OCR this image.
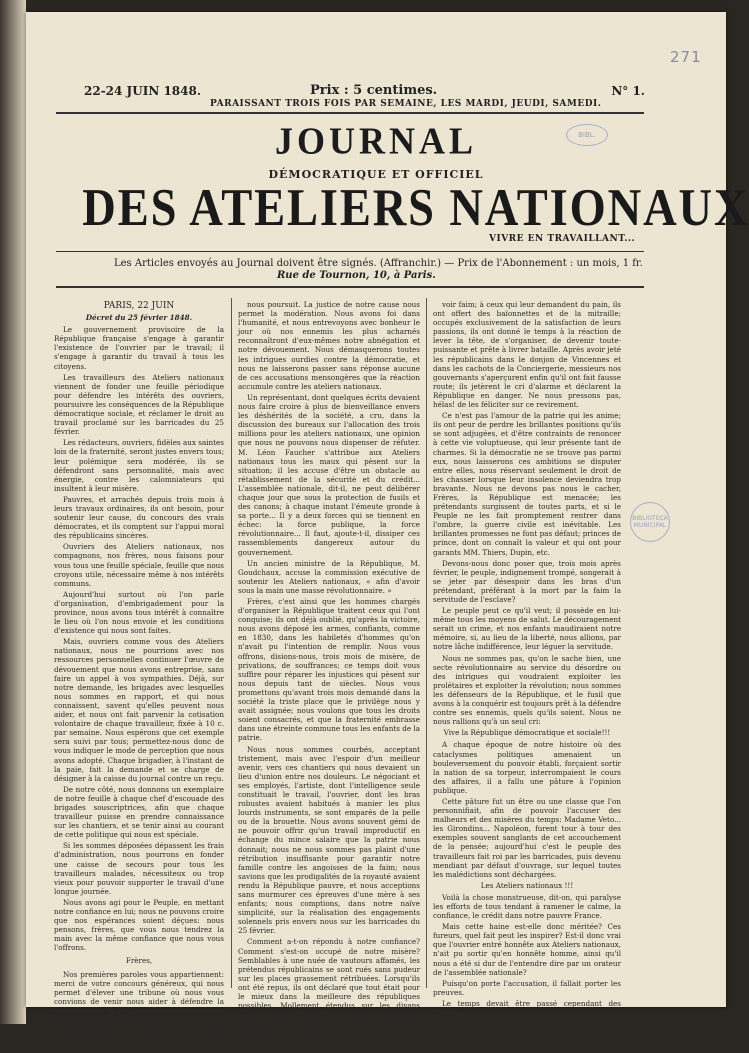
271
22-24 JUIN 1848.	Prix : 5 centimes.	N° 1.
PARAISSANT TROIS FOIS PAR SEMAINE, LES MARDI, JEUDI, SAMEDI.
JOURNAL
DÉMOCRATIQUE ET OFFICIEL
DES ATELIERS NATIONAUX
VIVRE EN TRAVAILLANT...
Les Articles envoyés au Journal doivent être signés. (Affranchir.) — Prix de l'Abonnement : un mois, 1 fr.
Rue de Tournon, 10, à Paris.
BIBL.
BIBLIOTECA MUNICIPAL

PARIS, 22 JUIN

Décret du 25 février 1848.

Le gouvernement provisoire de la République française s'engage à garantir l'existence de l'ouvrier par le travail; il s'engage à garantir du travail à tous les citoyens.

Les travailleurs des Ateliers nationaux viennent de fonder une feuille périodique pour défendre les intérêts des ouvriers, poursuivre les conséquences de la République démocratique sociale, et réclamer le droit au travail proclamé sur les barricades du 25 février.

Les rédacteurs, ouvriers, fidèles aux saintes lois de la fraternité, seront justes envers tous; leur polémique sera modérée, ils se défendront sans personnalité, mais avec énergie, contre les calomniateurs qui insultent à leur misère.

Pauvres, et arrachés depuis trois mois à leurs travaux ordinaires, ils ont besoin, pour soutenir leur cause, du concours des vrais démocrates, et ils comptent sur l'appui moral des républicains sincères.

Ouvriers des Ateliers nationaux, nos compagnons, nos frères, nous faisons pour vous tous une feuille spéciale, feuille que nous croyons utile, nécessaire même à nos intérêts communs.

Aujourd'hui surtout où l'on parle d'organisation, d'embrigadement pour la province, nous avons tous intérêt à connaître le lieu où l'on nous envoie et les conditions d'existence qui nous sont faites.

Mais, ouvriers comme vous des Ateliers nationaux, nous ne pourrions avec nos ressources personnelles continuer l'œuvre de dévouement que nous avons entreprise, sans faire un appel à vos sympathies. Déjà, sur notre demande, les brigades avec lesquelles nous sommes en rapport, et qui nous connaissent, savent qu'elles peuvent nous aider, et nous ont fait parvenir la cotisation volontaire de chaque travailleur, fixée à 10 c. par semaine. Nous espérons que cet exemple sera suivi par tous; permettez-nous donc de vous indiquer le mode de perception que nous avons adopté. Chaque brigadier, à l'instant de la paie, fait la demande et se charge de désigner à la caisse du journal contre un reçu.

De notre côté, nous donnons un exemplaire de notre feuille à chaque chef d'escouade des brigades souscriptrices, afin que chaque travailleur puisse en prendre connaissance sur les chantiers, et se tenir ainsi au courant de cette politique qui nous est spéciale.

Si les sommes déposées dépassent les frais d'administration, nous pourrons en fonder une caisse de secours pour tous les travailleurs malades, nécessiteux ou trop vieux pour pouvoir supporter le travail d'une longue journée.

Nous avons agi pour le Peuple, en mettant notre confiance en lui; nous ne pouvons croire que nos espérances soient déçues: nous pensons, frères, que vous nous tendrez la main avec la même confiance que nous vous l'offrons.

Frères,

Nos premières paroles vous appartiennent: merci de votre concours généreux, qui nous permet d'élever une tribune où nous vous convions de venir nous aider à défendre la cause sacrée de la République démocratique et les droits des travailleurs.

Nous répondrons par des mots d'amour et de fraternité aux calomnies et aux injures dont on

nous poursuit. La justice de notre cause nous permet la modération. Nous avons foi dans l'humanité, et nous entrevoyons avec bonheur le jour où nos ennemis les plus acharnés reconnaîtront d'eux-mêmes notre abnégation et notre dévouement. Nous démasquerons toutes les intrigues ourdies contre la démocratie, et nous ne laisserons passer sans réponse aucune de ces accusations mensongères que la réaction accumule contre les ateliers nationaux.

Un représentant, dont quelques écrits devaient nous faire croire à plus de bienveillance envers les déshérités de la société, a cru, dans la discussion des bureaux sur l'allocation des trois millions pour les ateliers nationaux, une opinion que nous ne pouvons nous dispenser de réfuter. M. Léon Faucher s'attribue aux Ateliers nationaux tous les maux qui pèsent sur la situation; il les accuse d'être un obstacle au rétablissement de la sécurité et du crédit... L'assemblée nationale, dit-il, ne peut délibérer chaque jour que sous la protection de fusils et des canons; à chaque instant l'émeute gronde à sa porte... Il y a deux forces qui se tiennent en échec: la force publique, la force révolutionnaire... Il faut, ajoute-t-il, dissiper ces rassemblements dangereux autour du gouvernement.

Un ancien ministre de la République, M. Goudchaux, accuse la commission exécutive de soutenir les Ateliers nationaux, « afin d'avoir sous la main une masse révolutionnaire. »

Frères, c'est ainsi que les hommes chargés d'organiser la République traitent ceux qui l'ont conquise; ils ont déjà oublié, qu'après la victoire, nous avons déposé les armes, confiants, comme en 1830, dans les habiletés d'hommes qu'on n'avait pu l'intention de remplir. Nous vous offrons, disions-nous, trois mois de misère, de privations, de souffrances; ce temps doit vous suffire pour réparer les injustices qui pèsent sur nous depuis tant de siècles. Nous vous promettons qu'avant trois mois demandé dans la société la triste place que le privilège nous y avait assignée; nous voulons que tous les droits soient consacrés, et que la fraternité embrasse dans une étreinte commune tous les enfants de la patrie.

Nous nous sommes courbés, acceptant tristement, mais avec l'espoir d'un meilleur avenir, vers ces chantiers qui nous devaient un lieu d'union entre nos douleurs. Le négociant et ses employés, l'artiste, dont l'intelligence seule constituait le travail, l'ouvrier, dont les bras robustes avaient habitués à manier les plus lourds instruments, se sont emparés de la pelle ou de la brouette. Nous avons souvent gémi de ne pouvoir offrir qu'un travail improductif en échange du mince salaire que la patrie nous donnait; nous ne nous sommes pas plaint d'une rétribution insuffisante pour garantir notre famille contre les angoisses de la faim; nous savions que les prodigalités de la royauté avaient rendu la République pauvre, et nous acceptions sans murmurer ces épreuves d'une mère à ses enfants; nous comptions, dans notre naïve simplicité, sur la réalisation des engagements solennels pris envers nous sur les barricades du 25 février.

Comment a-t-on répondu à notre confiance? Comment s'est-on occupé de notre misère? Semblables à une nuée de vautours affamés, les prétendus républicains se sont rués sans pudeur sur les places grassement rétribuées. Lorsqu'ils ont été repus, ils ont déclaré que tout était pour le mieux dans la meilleure des républiques possibles. Mollement étendus sur les divans royaux, traînés dans les douces voitures de l'ancienne cour, ils se sont indignés que des misérables se plaignissent d'a-

voir faim; à ceux qui leur demandent du pain, ils ont offert des baïonnettes et de la mitraille; occupés exclusivement de la satisfaction de leurs passions, ils ont donné le temps à la réaction de lever la tête, de s'organiser, de devenir toute-puissante et prête à livrer bataille. Après avoir jeté les républicains dans le donjon de Vincennes et dans les cachots de la Conciergerie, messieurs nos gouvernants s'aperçurent enfin qu'il ont fait fausse route; ils jetèrent le cri d'alarme et déclarent la République en danger. Ne nous pressons pas, hélas! de les féliciter sur ce revirement.

Ce n'est pas l'amour de la patrie qui les anime; ils ont peur de perdre les brillantes positions qu'ils se sont adjugées, et d'être contraints de renoncer à cette vie voluptueuse, qui leur présente tant de charmes. Si la démocratie ne se trouve pas parmi eux, nous laisserons ces ambitions se disputer entre elles, nous réservant seulement le droit de les chasser lorsque leur insolence deviendra trop bravante. Nous ne devons pas nous le cacher, Frères, la République est menacée; les prétendants surgissent de toutes parts, et si le Peuple ne les fait promptement rentrer dans l'ombre, la guerre civile est inévitable. Les brillantes promesses ne font pas défaut; princes de prince, dont on connaît la valeur et qui ont pour garants MM. Thiers, Dupin, etc.

Devons-nous donc poser que, trois mois après février, le peuple, indignement trompé, songerait à se jeter par désespoir dans les bras d'un prétendant, préférant à la mort par la faim la servitude de l'esclave?

Le peuple peut ce qu'il veut; il possède en lui-même tous les moyens de salut. Le découragement serait un crime, et nos enfants maudiraient notre mémoire, si, au lieu de la liberté, nous allions, par notre lâche indifférence, leur léguer la servitude.

Nous ne sommes pas, qu'on le sache bien, une secte révolutionnaire au service du désordre ou des intrigues qui voudraient exploiter les prolétaires et exploiter la révolution; nous sommes les défenseurs de la République, et le fusil que avons à la conquérir est toujours prêt à la défendre contre ses ennemis, quels qu'ils soient. Nous ne nous rallions qu'à un seul cri:

Vive la République démocratique et sociale!!!

A chaque époque de notre histoire où des cataclysmes politiques amenaient un bouleversement du pouvoir établi, forçaient sortir la nation de sa torpeur, interrompaient le cours des affaires, il a fallu une pâture à l'opinion publique.

Cette pâture fut un être ou une classe que l'on personnifiait, afin de pouvoir l'accuser des malheurs et des misères du temps: Madame Veto... les Girondins... Napoléon, furent tour à tour des exemples souvent sanglants de cet accouchement de la pensée; aujourd'hui c'est le peuple des travailleurs fait roi par les barricades, puis devenu mendiant par défaut d'ouvrage, sur lequel toutes les malédictions sont déchargées.

Les Ateliers nationaux !!!

Voilà la chose monstrueuse, dit-on, qui paralyse les efforts de tous tendant à ramener le calme, la confiance, le crédit dans notre pauvre France.

Mais cette haine est-elle donc méritée? Ces fureurs, quel fait peut les inspirer? Est-il donc vrai que l'ouvrier entré honnête aux Ateliers nationaux, n'ait pu sortir qu'en honnête homme, ainsi qu'il nous a été si dur de l'entendre dire par un orateur de l'assemblée nationale?

Puisqu'on porte l'accusation, il fallait porter les preuves.

Le temps devait être passé cependant des discus-
